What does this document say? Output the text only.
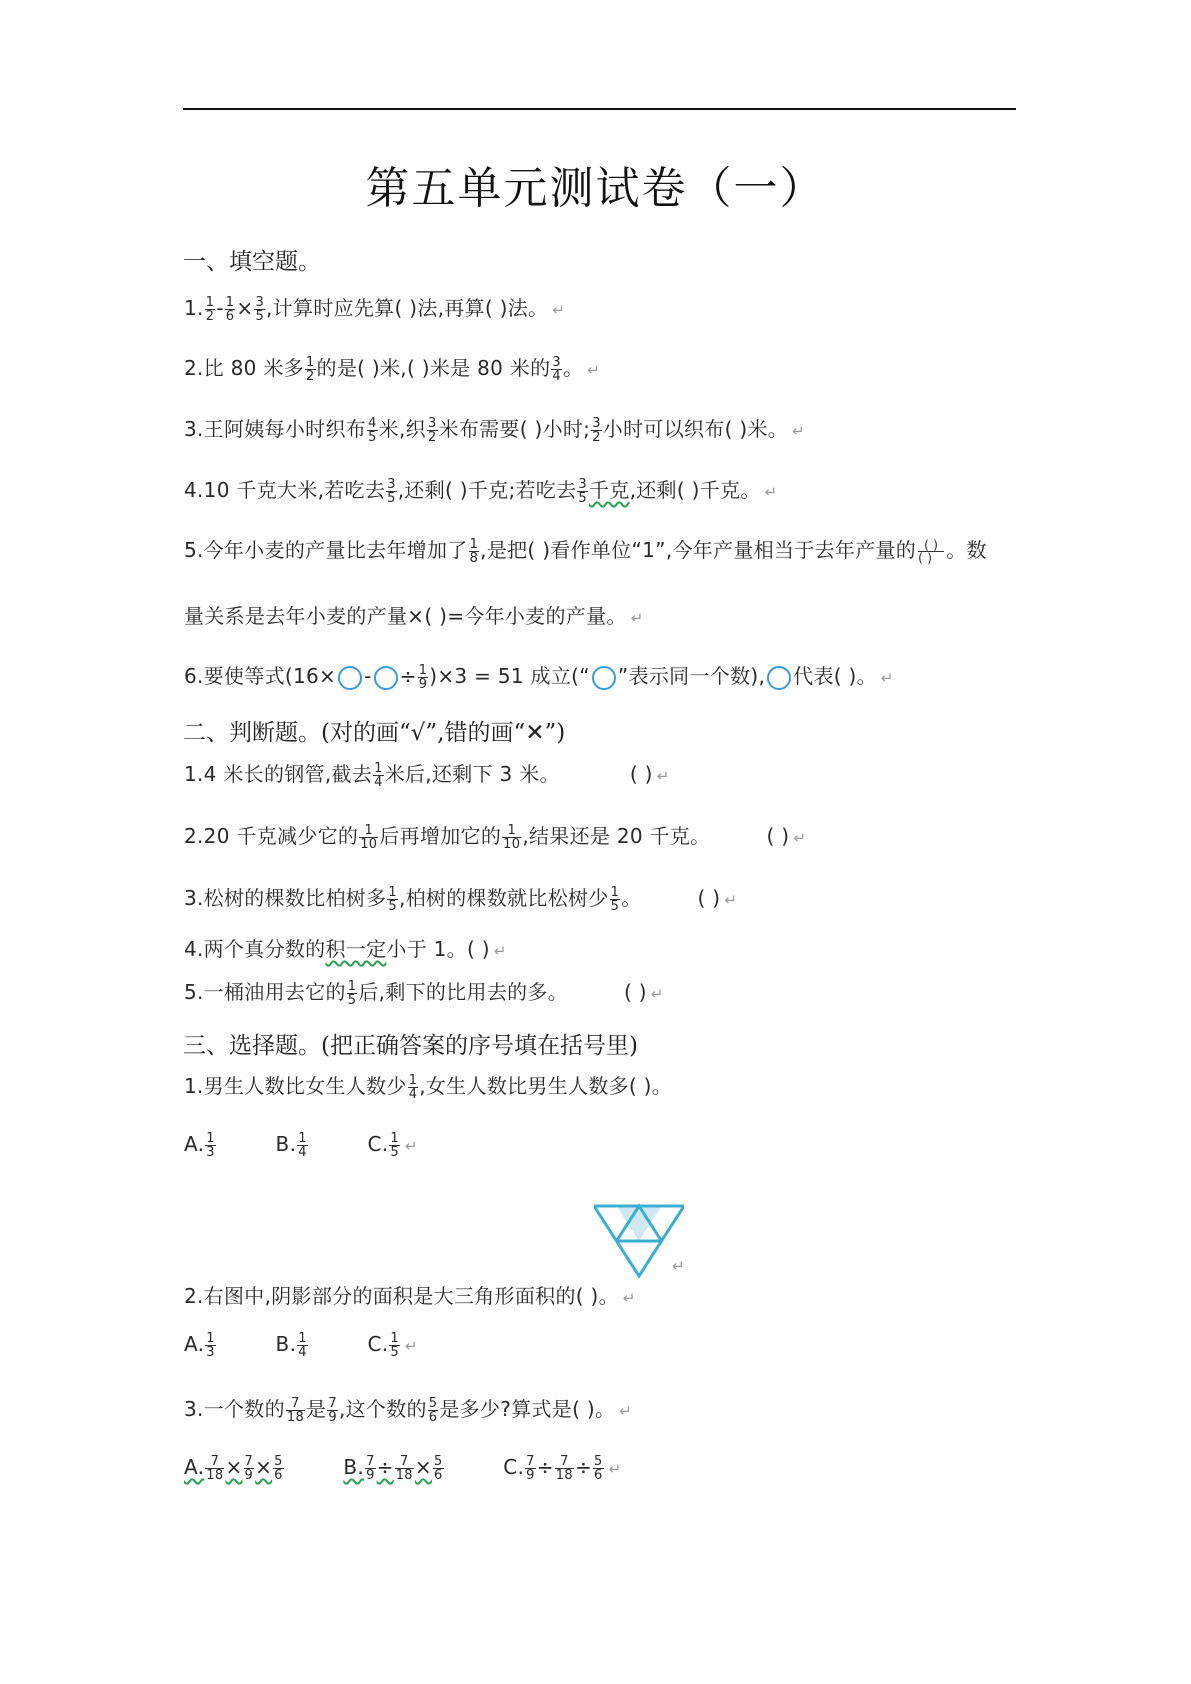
第五单元测试卷（一）
一、填空题。
1. $\frac{1}{2} - \frac{1}{6} \times \frac{3}{5}$ ,计算时应先算( )法,再算( )法。 ↵
2.比 80 米多 $\frac{1}{2}$ 的是( )米,( )米是 80 米的 $\frac{3}{4}$ 。 ↵
3.王阿姨每小时织布 $\frac{4}{5}$ 米,织 $\frac{3}{2}$ 米布需要( )小时; $\frac{3}{2}$ 小时可以织布( )米。 ↵
4.10 千克大米,若吃去 $\frac{3}{5}$ ,还剩( )千克;若吃去 $\frac{3}{5}$ 千克,还剩( )千克。 ↵
5.今年小麦的产量比去年增加了 $\frac{1}{8}$ ,是把( )看作单位“1”,今年产量相当于去年产量的 ( )
( ) 。数
量关系是去年小麦的产量×( )=今年小麦的产量。 ↵
6.要使等式(16× - ÷ $\frac{1}{9} )\times 3 = 51$ 成立(“ ”表示同一个数), 代表( )。 ↵
二、判断题。(对的画“√”,错的画“✕”)
1.4 米长的钢管,截去 $\frac{1}{4}$ 米后,还剩下 3 米。	( ) ↵
2.20 千克减少它的 $\frac{1}{10}$ 后再增加它的 $\frac{1}{10}$ ,结果还是 20 千克。	( ) ↵
3.松树的棵数比柏树多 $\frac{1}{5}$ ,柏树的棵数就比松树少 $\frac{1}{5}$ 。	( ) ↵
4.两个真分数的积一定小于 1。( ) ↵
5.一桶油用去它的 $\frac{1}{5}$ 后,剩下的比用去的多。	( ) ↵
三、选择题。(把正确答案的序号填在括号里)
1.男生人数比女生人数少 $\frac{1}{4}$ ,女生人数比男生人数多( )。
A. $\frac{1}{3}$	B. $\frac{1}{4}$	C. $\frac{1}{5}$ ↵
↵
2.右图中,阴影部分的面积是大三角形面积的( )。 ↵
A. $\frac{1}{3}$	B. $\frac{1}{4}$	C. $\frac{1}{5}$ ↵
3.一个数的 $\frac{7}{18}$ 是 $\frac{7}{9}$ ,这个数的 $\frac{5}{6}$ 是多少?算式是( )。 ↵
A. $\frac{7}{18} \times \frac{7}{9} \times \frac{5}{6}$	B. $\frac{7}{9} \div \frac{7}{18} \times \frac{5}{6}$	C. $\frac{7}{9} \div \frac{7}{18} \div \frac{5}{6}$ ↵
